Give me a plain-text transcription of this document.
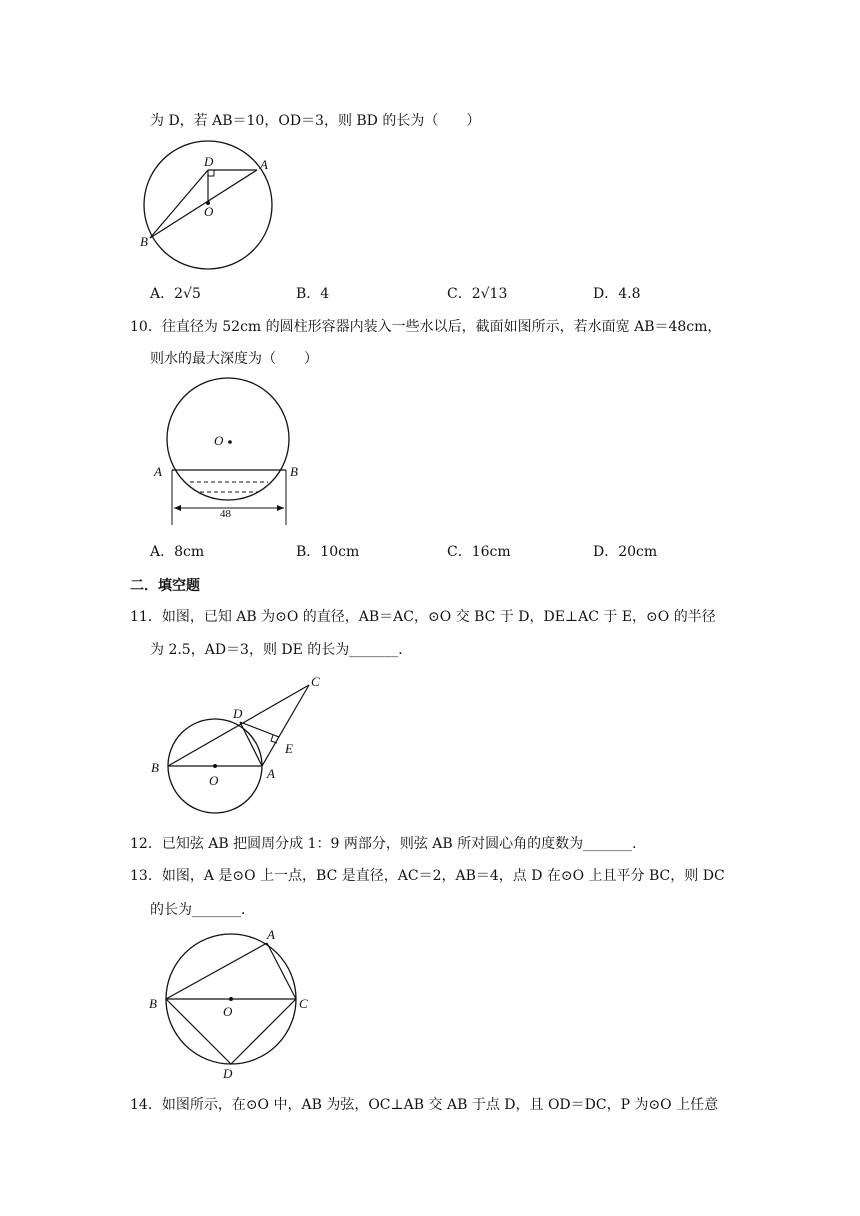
为 D，若 AB＝10，OD＝3，则 BD 的长为（　　）
D	A
O
B
A．2√5	B．4	C．2√13	D．4.8
10．往直径为 52cm 的圆柱形容器内装入一些水以后，截面如图所示，若水面宽 AB＝48cm，
则水的最大深度为（　　）
O
A	B
48
A．8cm	B．10cm	C．16cm	D．20cm
二．填空题
11．如图，已知 AB 为⊙O 的直径，AB＝AC，⊙O 交 BC 于 D，DE⊥AC 于 E，⊙O 的半径
为 2.5，AD＝3，则 DE 的长为_______．
C
D
E
B
O	A
12．已知弦 AB 把圆周分成 1：9 两部分，则弦 AB 所对圆心角的度数为_______．
13．如图，A 是⊙O 上一点，BC 是直径，AC＝2，AB＝4，点 D 在⊙O 上且平分 BC，则 DC
的长为_______．
A
B
O
C
D
14．如图所示，在⊙O 中，AB 为弦，OC⊥AB 交 AB 于点 D，且 OD＝DC，P 为⊙O 上任意
